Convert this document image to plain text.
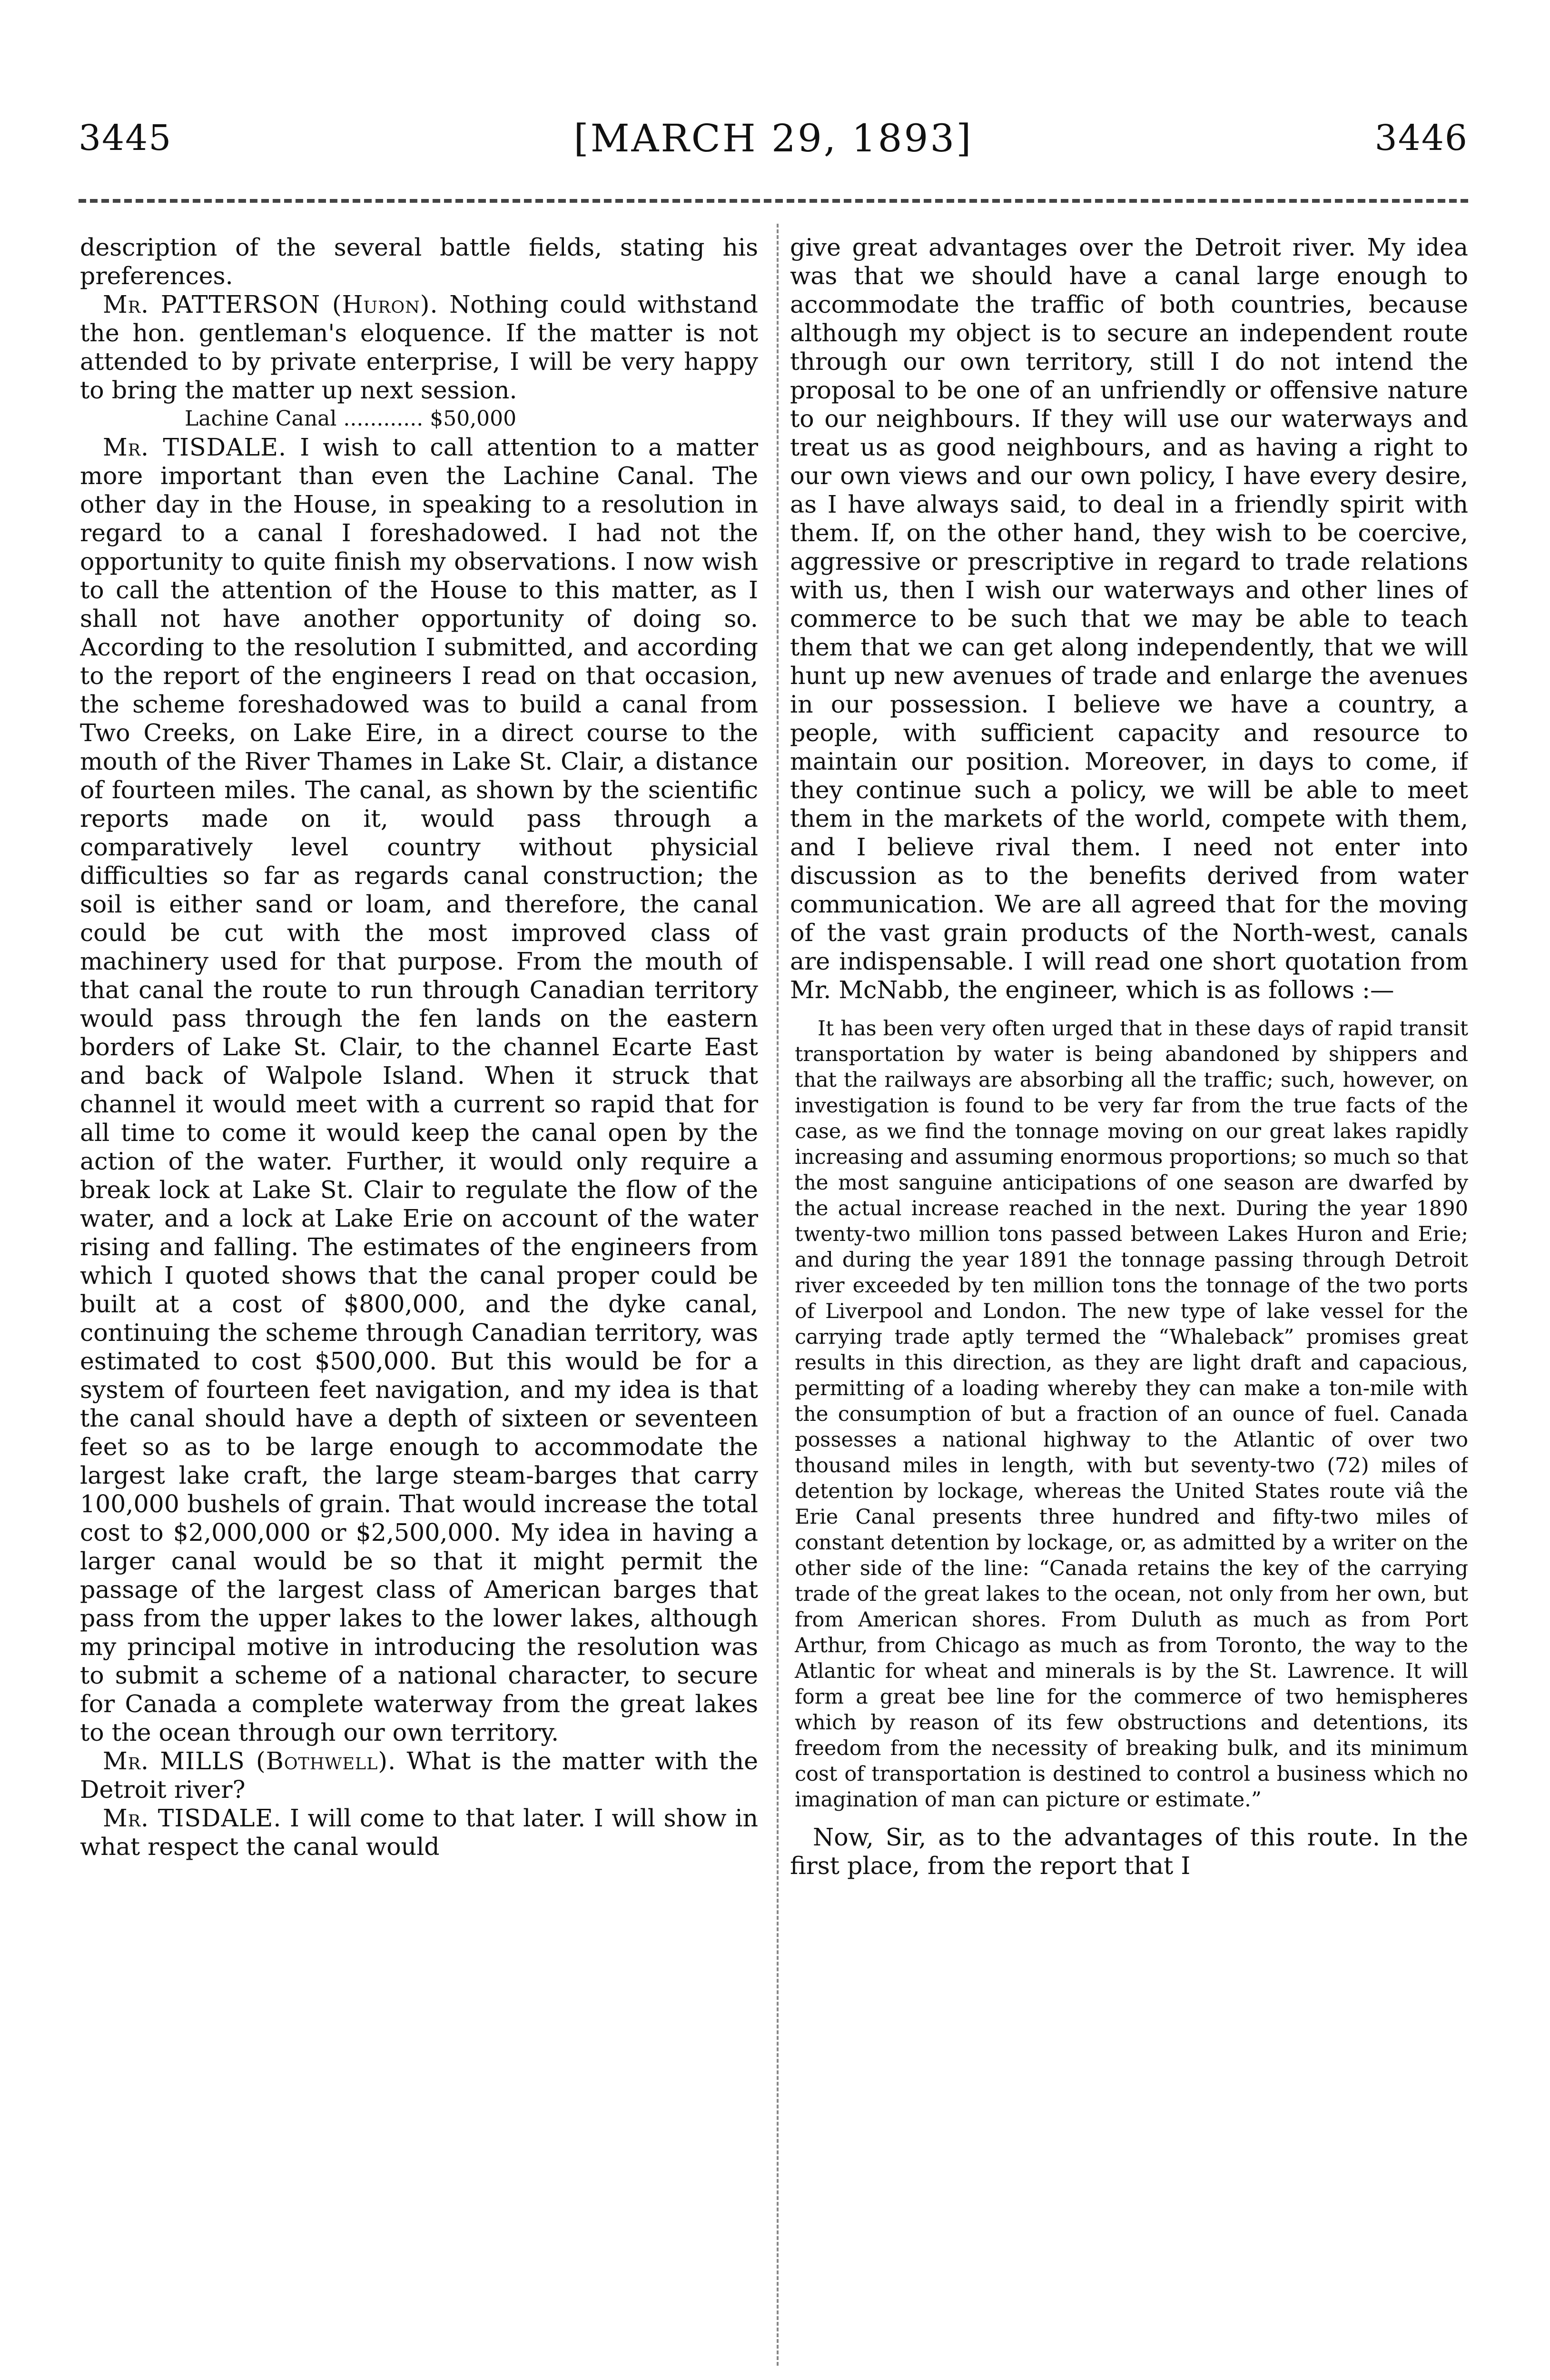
3445	[MARCH 29, 1893]	3446

description of the several battle fields, stating his preferences.

Mr. PATTERSON (Huron). Nothing could withstand the hon. gentleman's eloquence. If the matter is not attended to by private enterprise, I will be very happy to bring the matter up next session.

Lachine Canal ............ $50,000

Mr. TISDALE. I wish to call attention to a matter more important than even the Lachine Canal. The other day in the House, in speaking to a resolution in regard to a canal I foreshadowed. I had not the opportunity to quite finish my observations. I now wish to call the attention of the House to this matter, as I shall not have another opportunity of doing so. According to the resolution I submitted, and according to the report of the engineers I read on that occasion, the scheme foreshadowed was to build a canal from Two Creeks, on Lake Eire, in a direct course to the mouth of the River Thames in Lake St. Clair, a distance of fourteen miles. The canal, as shown by the scientific reports made on it, would pass through a comparatively level country without physicial difficulties so far as regards canal construction; the soil is either sand or loam, and therefore, the canal could be cut with the most improved class of machinery used for that purpose. From the mouth of that canal the route to run through Canadian territory would pass through the fen lands on the eastern borders of Lake St. Clair, to the channel Ecarte East and back of Walpole Island. When it struck that channel it would meet with a current so rapid that for all time to come it would keep the canal open by the action of the water. Further, it would only require a break lock at Lake St. Clair to regulate the flow of the water, and a lock at Lake Erie on account of the water rising and falling. The estimates of the engineers from which I quoted shows that the canal proper could be built at a cost of $800,000, and the dyke canal, continuing the scheme through Canadian territory, was estimated to cost $500,000. But this would be for a system of fourteen feet navigation, and my idea is that the canal should have a depth of sixteen or seventeen feet so as to be large enough to accommodate the largest lake craft, the large steam-barges that carry 100,000 bushels of grain. That would increase the total cost to $2,000,000 or $2,500,000. My idea in having a larger canal would be so that it might permit the passage of the largest class of American barges that pass from the upper lakes to the lower lakes, although my principal motive in introducing the resolution was to submit a scheme of a national character, to secure for Canada a complete waterway from the great lakes to the ocean through our own territory.

Mr. MILLS (Bothwell). What is the matter with the Detroit river?

Mr. TISDALE. I will come to that later. I will show in what respect the canal would

give great advantages over the Detroit river. My idea was that we should have a canal large enough to accommodate the traffic of both countries, because although my object is to secure an independent route through our own territory, still I do not intend the proposal to be one of an unfriendly or offensive nature to our neighbours. If they will use our waterways and treat us as good neighbours, and as having a right to our own views and our own policy, I have every desire, as I have always said, to deal in a friendly spirit with them. If, on the other hand, they wish to be coercive, aggressive or prescriptive in regard to trade relations with us, then I wish our waterways and other lines of commerce to be such that we may be able to teach them that we can get along independently, that we will hunt up new avenues of trade and enlarge the avenues in our possession. I believe we have a country, a people, with sufficient capacity and resource to maintain our position. Moreover, in days to come, if they continue such a policy, we will be able to meet them in the markets of the world, compete with them, and I believe rival them. I need not enter into discussion as to the benefits derived from water communication. We are all agreed that for the moving of the vast grain products of the North-west, canals are indispensable. I will read one short quotation from Mr. McNabb, the engineer, which is as follows :—

It has been very often urged that in these days of rapid transit transportation by water is being abandoned by shippers and that the railways are absorbing all the traffic; such, however, on investigation is found to be very far from the true facts of the case, as we find the tonnage moving on our great lakes rapidly increasing and assuming enormous proportions; so much so that the most sanguine anticipations of one season are dwarfed by the actual increase reached in the next. During the year 1890 twenty-two million tons passed between Lakes Huron and Erie; and during the year 1891 the tonnage passing through Detroit river exceeded by ten million tons the tonnage of the two ports of Liverpool and London. The new type of lake vessel for the carrying trade aptly termed the “Whaleback” promises great results in this direction, as they are light draft and capacious, permitting of a loading whereby they can make a ton-mile with the consumption of but a fraction of an ounce of fuel. Canada possesses a national highway to the Atlantic of over two thousand miles in length, with but seventy-two (72) miles of detention by lockage, whereas the United States route viâ the Erie Canal presents three hundred and fifty-two miles of constant detention by lockage, or, as admitted by a writer on the other side of the line: “Canada retains the key of the carrying trade of the great lakes to the ocean, not only from her own, but from American shores. From Duluth as much as from Port Arthur, from Chicago as much as from Toronto, the way to the Atlantic for wheat and minerals is by the St. Lawrence. It will form a great bee line for the commerce of two hemispheres which by reason of its few obstructions and detentions, its freedom from the necessity of breaking bulk, and its minimum cost of transportation is destined to control a business which no imagination of man can picture or estimate.”

Now, Sir, as to the advantages of this route. In the first place, from the report that I
